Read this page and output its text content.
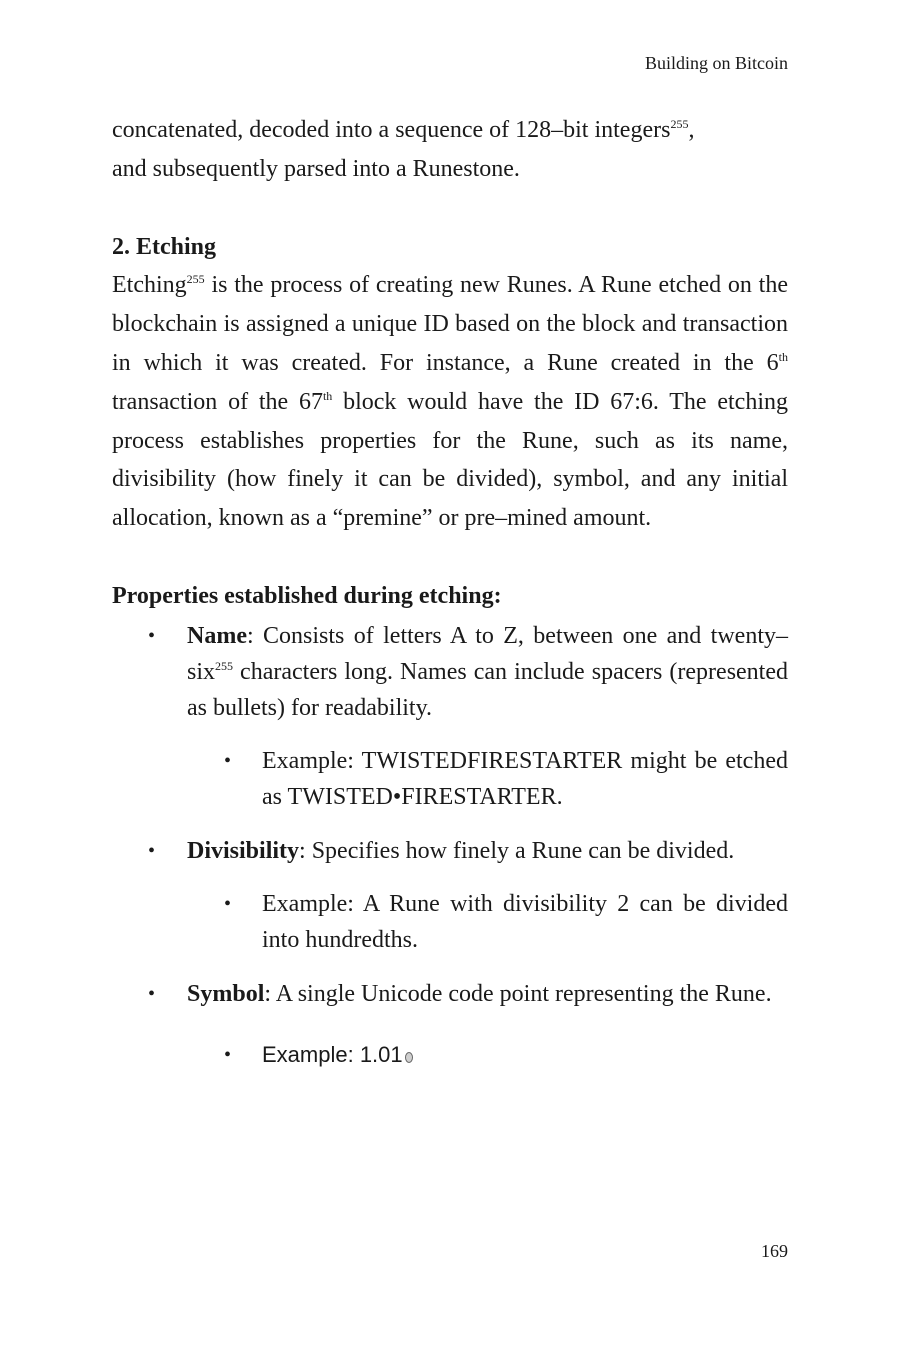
Building on Bitcoin

concatenated, decoded into a sequence of 128–bit integers$^{255}$,
and subsequently parsed into a Runestone.

2. Etching

Etching$^{255}$ is the process of creating new Runes. A Rune etched on the blockchain is assigned a unique ID based on the block and transaction in which it was created. For instance, a Rune created in the 6th transaction of the 67th block would have the ID 67:6. The etching process establishes properties for the Rune, such as its name, divisibility (how finely it can be divided), symbol, and any initial allocation, known as a “premine” or pre–mined amount.

Properties established during etching:

• Name: Consists of letters A to Z, between one and twenty–six$^{255}$ characters long. Names can include spacers (represented as bullets) for readability.
• Example: TWISTEDFIRESTARTER might be etched as TWISTED•FIRESTARTER.
• Divisibility: Specifies how finely a Rune can be divided.
• Example: A Rune with divisibility 2 can be divided into hundredths.
• Symbol: A single Unicode code point representing the Rune.
• Example: 1.01
169
